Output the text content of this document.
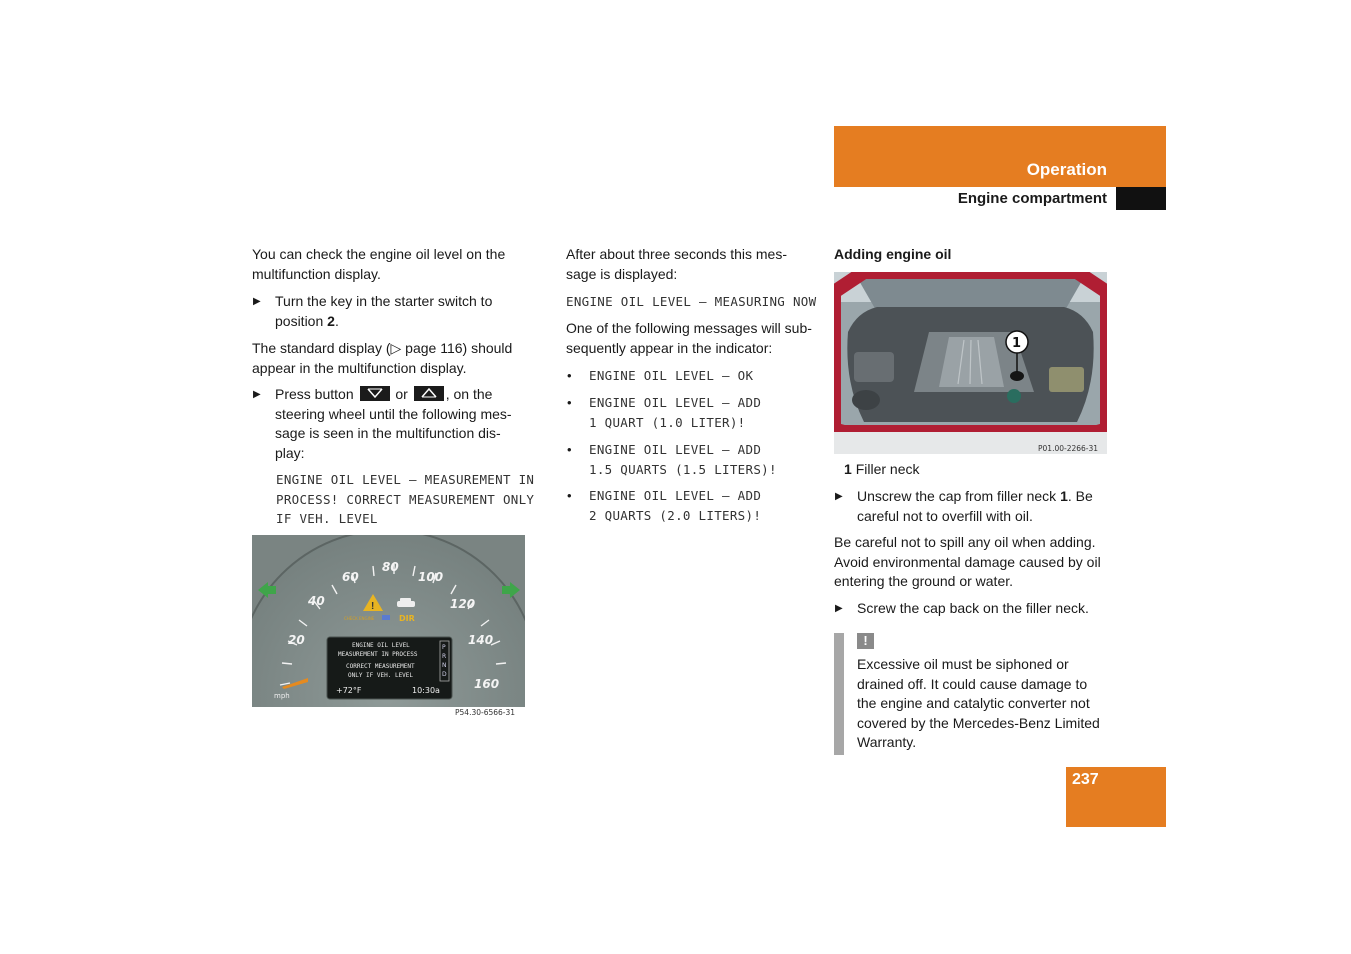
Operation
Engine compartment
You can check the engine oil level on the multifunction display.
▶ Turn the key in the starter switch to position 2.
The standard display (▷ page 116) should appear in the multifunction display.
▶ Press button	or	, on the
steering wheel until the following mes-
sage is seen in the multifunction dis-
play:
ENGINE OIL LEVEL – MEASUREMENT IN
PROCESS! CORRECT MEASUREMENT ONLY
IF VEH. LEVEL
20
40
60
80
100
120
140
160
mph
!
CHECK ENGINE	DIR
ENGINE OIL LEVEL
MEASUREMENT IN PROCESS
CORRECT MEASUREMENT
ONLY IF VEH. LEVEL
+72°F	10:30a
P
R
N
D
P54.30-6566-31
After about three seconds this mes-
sage is displayed:
ENGINE OIL LEVEL – MEASURING NOW
One of the following messages will sub-
sequently appear in the indicator:
• ENGINE OIL LEVEL – OK
• ENGINE OIL LEVEL – ADD
1 QUART (1.0 LITER)!
• ENGINE OIL LEVEL – ADD
1.5 QUARTS (1.5 LITERS)!
• ENGINE OIL LEVEL – ADD
2 QUARTS (2.0 LITERS)!
Adding engine oil
1
P01.00-2266-31
1 Filler neck
▶ Unscrew the cap from filler neck 1. Be
careful not to overfill with oil.
Be careful not to spill any oil when adding.
Avoid environmental damage caused by oil
entering the ground or water.
▶ Screw the cap back on the filler neck.
!
Excessive oil must be siphoned or
drained off. It could cause damage to
the engine and catalytic converter not
covered by the Mercedes-Benz Limited
Warranty.
237
